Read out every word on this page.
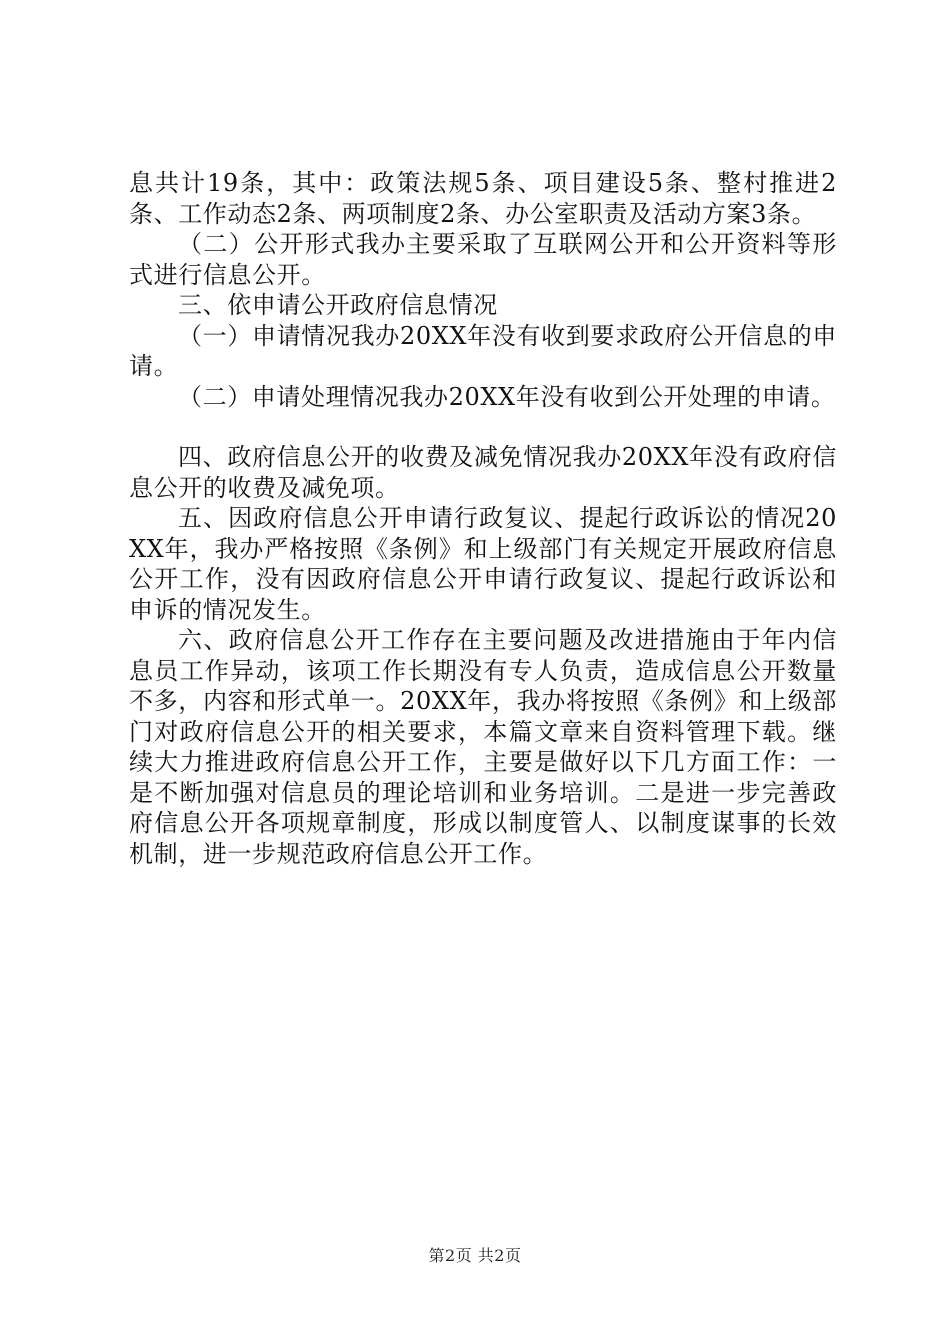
息共计19条，其中：政策法规5条、项目建设5条、整村推进2条、工作动态2条、两项制度2条、办公室职责及活动方案3条。

（二）公开形式我办主要采取了互联网公开和公开资料等形式进行信息公开。

三、依申请公开政府信息情况

（一）申请情况我办20XX年没有收到要求政府公开信息的申请。

（二）申请处理情况我办20XX年没有收到公开处理的申请。

四、政府信息公开的收费及减免情况我办20XX年没有政府信息公开的收费及减免项。

五、因政府信息公开申请行政复议、提起行政诉讼的情况20XX年，我办严格按照《条例》和上级部门有关规定开展政府信息公开工作，没有因政府信息公开申请行政复议、提起行政诉讼和申诉的情况发生。

六、政府信息公开工作存在主要问题及改进措施由于年内信息员工作异动，该项工作长期没有专人负责，造成信息公开数量不多，内容和形式单一。20XX年，我办将按照《条例》和上级部门对政府信息公开的相关要求，本篇文章来自资料管理下载。继续大力推进政府信息公开工作，主要是做好以下几方面工作：一是不断加强对信息员的理论培训和业务培训。二是进一步完善政府信息公开各项规章制度，形成以制度管人、以制度谋事的长效机制，进一步规范政府信息公开工作。

第2页 共2页
